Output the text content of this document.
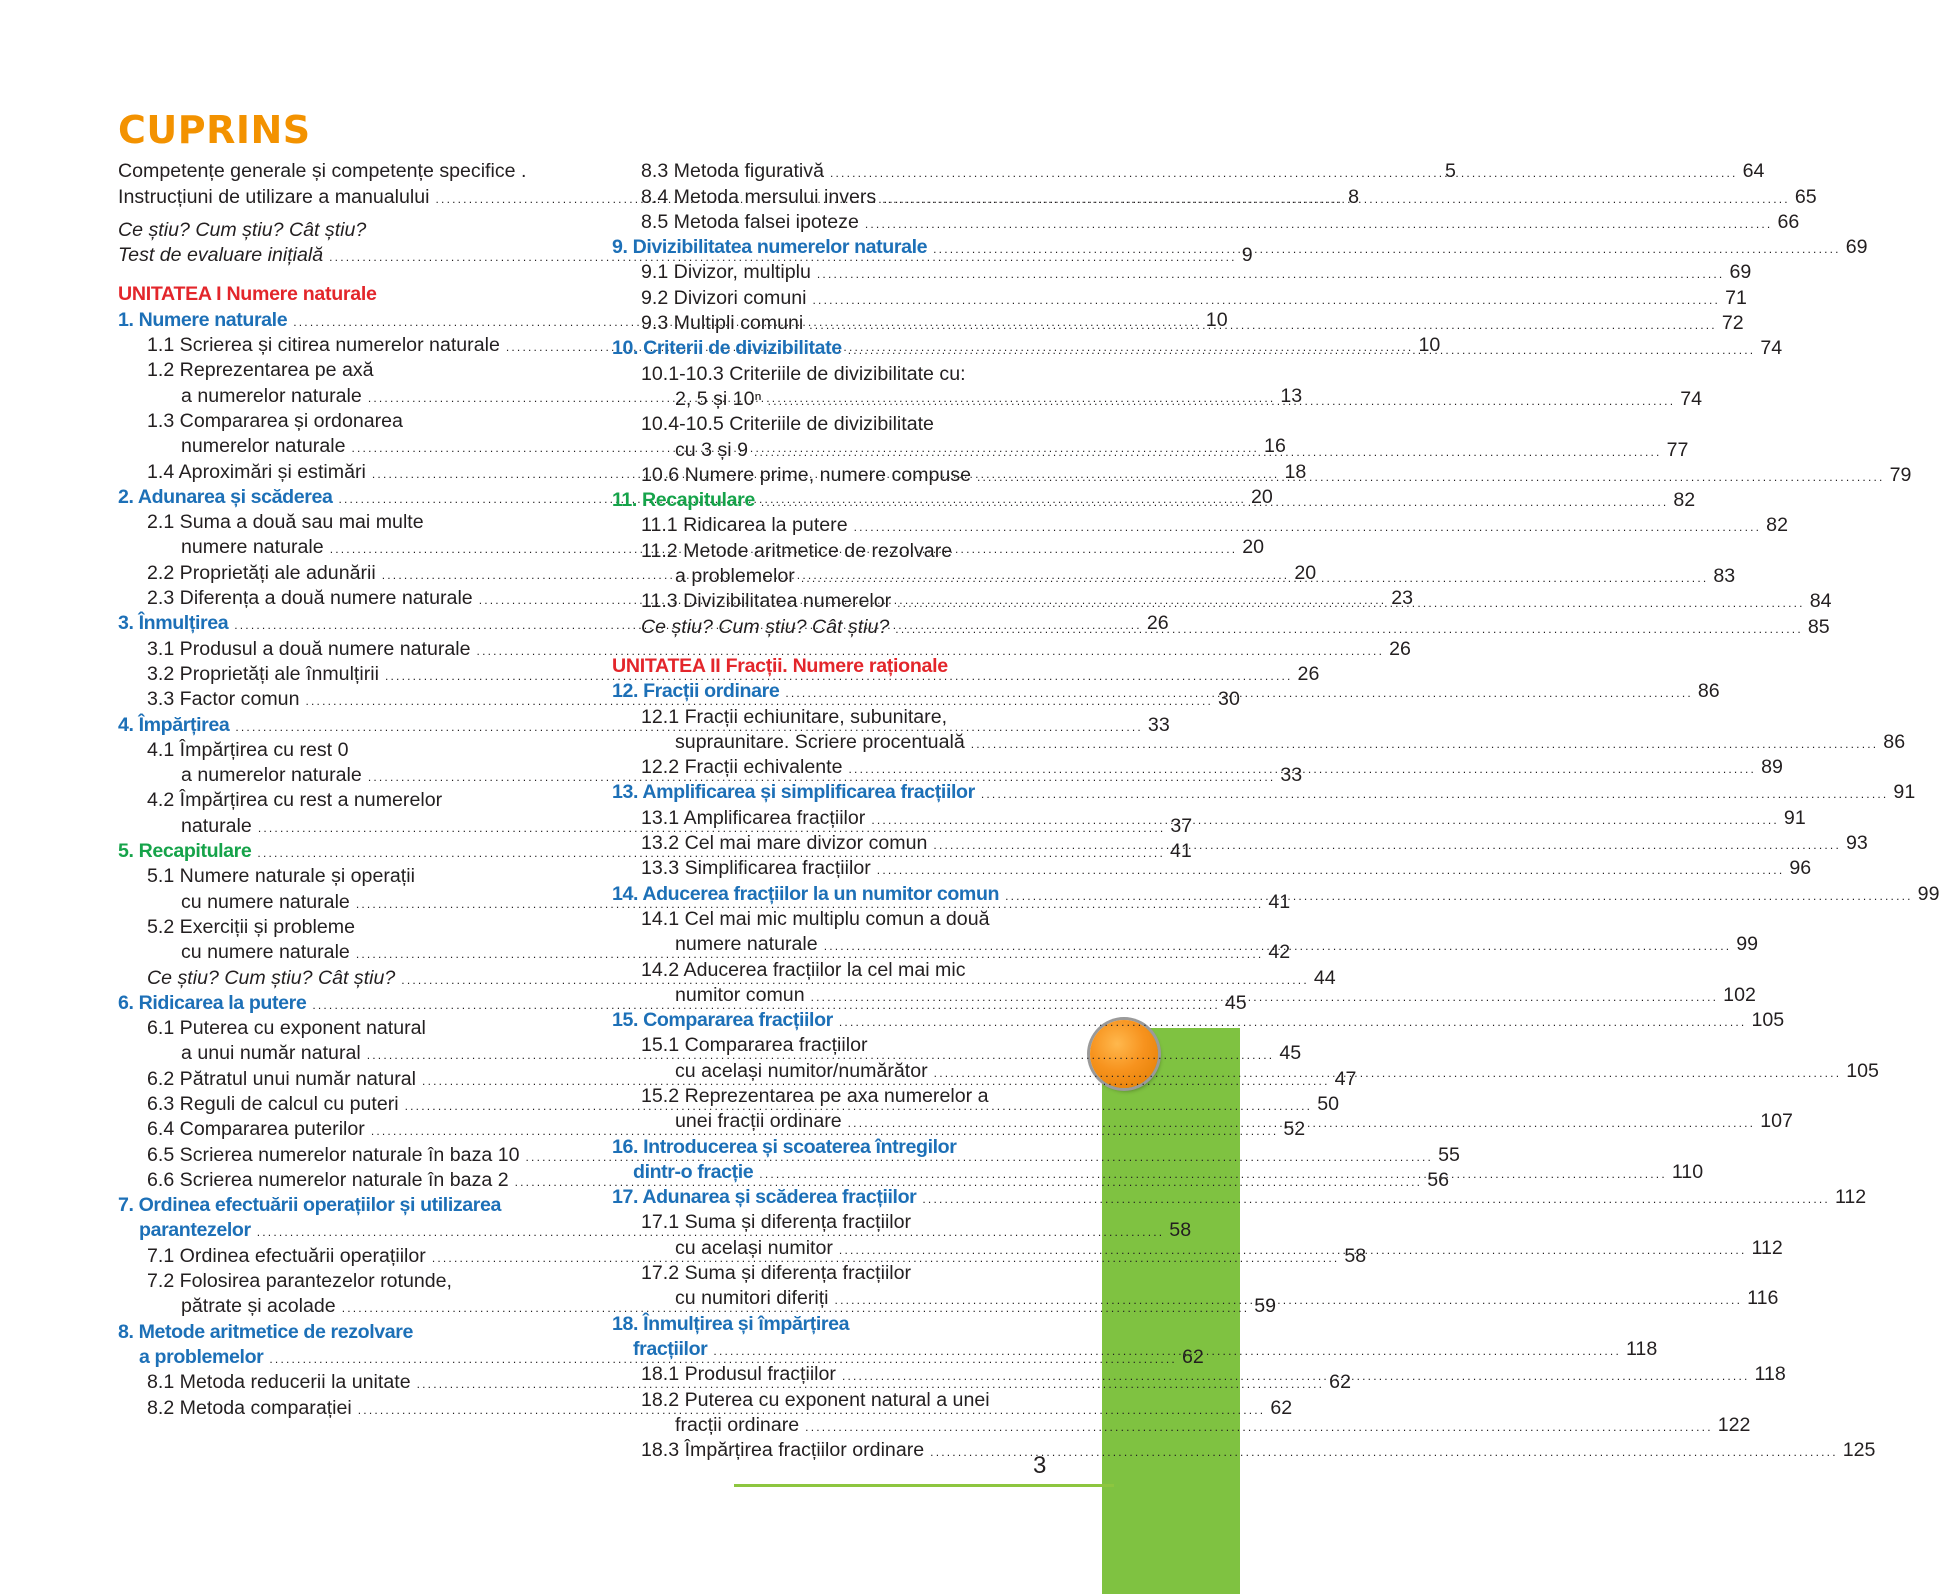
CUPRINS
Competențe generale și competențe specifice .	5
Instrucțiuni de utilizare a manualului .....	8
Ce știu? Cum știu? Cât știu?
Test de evaluare inițială .....	9
UNITATEA I Numere naturale
1. Numere naturale .....	10
1.1 Scrierea și citirea numerelor naturale .....	10
1.2 Reprezentarea pe axă
a numerelor naturale .....	13
1.3 Compararea și ordonarea
numerelor naturale .....	16
1.4 Aproximări și estimări .....	18
2. Adunarea și scăderea .....	20
2.1 Suma a două sau mai multe
numere naturale .....	20
2.2 Proprietăți ale adunării .....	20
2.3 Diferența a două numere naturale .....	23
3. Înmulțirea .....	26
3.1 Produsul a două numere naturale .....	26
3.2 Proprietăți ale înmulțirii .....	26
3.3 Factor comun .....	30
4. Împărțirea .....	33
4.1 Împărțirea cu rest 0
a numerelor naturale .....	33
4.2 Împărțirea cu rest a numerelor
naturale .....	37
5. Recapitulare .....	41
5.1 Numere naturale și operații
cu numere naturale .....	41
5.2 Exerciții și probleme
cu numere naturale .....	42
Ce știu? Cum știu? Cât știu? .....	44
6. Ridicarea la putere .....	45
6.1 Puterea cu exponent natural
a unui număr natural .....	45
6.2 Pătratul unui număr natural .....	47
6.3 Reguli de calcul cu puteri .....	50
6.4 Compararea puterilor .....	52
6.5 Scrierea numerelor naturale în baza 10 .....	55
6.6 Scrierea numerelor naturale în baza 2 .....	56
7. Ordinea efectuării operațiilor și utilizarea
parantezelor .....	58
7.1 Ordinea efectuării operațiilor .....	58
7.2 Folosirea parantezelor rotunde,
pătrate și acolade .....	59
8. Metode aritmetice de rezolvare
a problemelor .....	62
8.1 Metoda reducerii la unitate .....	62
8.2 Metoda comparației .....	62
8.3 Metoda figurativă .....	64
8.4 Metoda mersului invers .....	65
8.5 Metoda falsei ipoteze .....	66
9. Divizibilitatea numerelor naturale .....	69
9.1 Divizor, multiplu .....	69
9.2 Divizori comuni .....	71
9.3 Multipli comuni .....	72
10. Criterii de divizibilitate .....	74
10.1-10.3 Criteriile de divizibilitate cu:
2, 5 și 10ⁿ .....	74
10.4-10.5 Criteriile de divizibilitate
cu 3 și 9 .....	77
10.6 Numere prime, numere compuse .....	79
11. Recapitulare .....	82
11.1 Ridicarea la putere .....	82
11.2 Metode aritmetice de rezolvare
a problemelor .....	83
11.3 Divizibilitatea numerelor .....	84
Ce știu? Cum știu? Cât știu? .....	85
UNITATEA II Fracții. Numere raționale
12. Fracții ordinare .....	86
12.1 Fracții echiunitare, subunitare,
supraunitare. Scriere procentuală .....	86
12.2 Fracții echivalente .....	89
13. Amplificarea și simplificarea fracțiilor .....	91
13.1 Amplificarea fracțiilor .....	91
13.2 Cel mai mare divizor comun .....	93
13.3 Simplificarea fracțiilor .....	96
14. Aducerea fracțiilor la un numitor comun .....	99
14.1 Cel mai mic multiplu comun a două
numere naturale .....	99
14.2 Aducerea fracțiilor la cel mai mic
numitor comun .....	102
15. Compararea fracțiilor .....	105
15.1 Compararea fracțiilor
cu același numitor/numărător .....	105
15.2 Reprezentarea pe axa numerelor a
unei fracții ordinare .....	107
16. Introducerea și scoaterea întregilor
dintr-o fracție .....	110
17. Adunarea și scăderea fracțiilor .....	112
17.1 Suma și diferența fracțiilor
cu același numitor .....	112
17.2 Suma și diferența fracțiilor
cu numitori diferiți .....	116
18. Înmulțirea și împărțirea
fracțiilor .....	118
18.1 Produsul fracțiilor .....	118
18.2 Puterea cu exponent natural a unei
fracții ordinare .....	122
18.3 Împărțirea fracțiilor ordinare .....	125
3
